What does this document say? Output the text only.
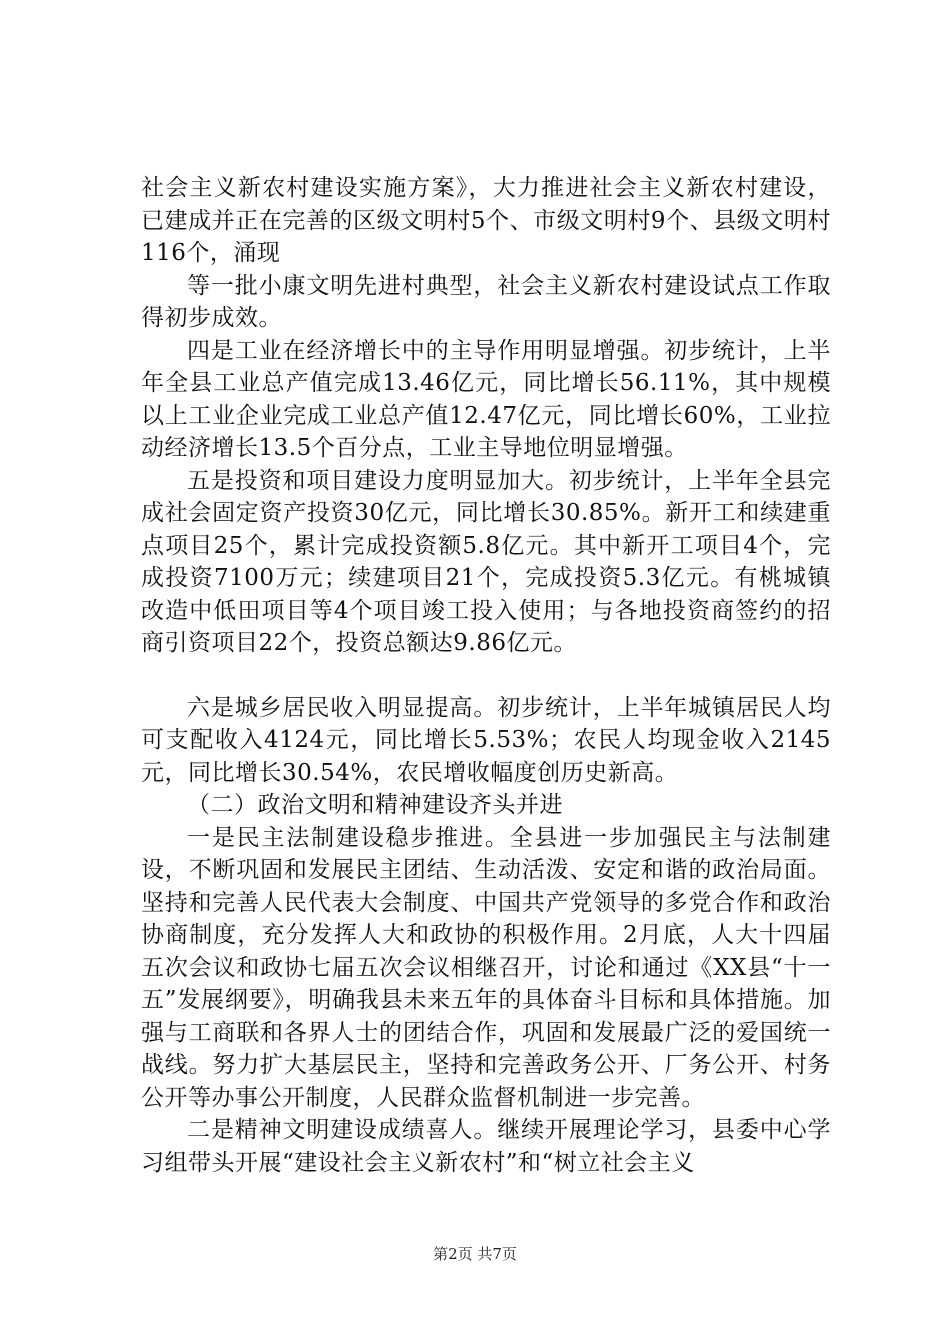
社会主义新农村建设实施方案》，大力推进社会主义新农村建设，已建成并正在完善的区级文明村5个、市级文明村9个、县级文明村116个，涌现

等一批小康文明先进村典型，社会主义新农村建设试点工作取得初步成效。

四是工业在经济增长中的主导作用明显增强。初步统计，上半年全县工业总产值完成13.46亿元，同比增长56.11%，其中规模以上工业企业完成工业总产值12.47亿元，同比增长60%，工业拉动经济增长13.5个百分点，工业主导地位明显增强。

五是投资和项目建设力度明显加大。初步统计，上半年全县完成社会固定资产投资30亿元，同比增长30.85%。新开工和续建重点项目25个，累计完成投资额5.8亿元。其中新开工项目4个，完成投资7100万元；续建项目21个，完成投资5.3亿元。有桃城镇改造中低田项目等4个项目竣工投入使用；与各地投资商签约的招商引资项目22个，投资总额达9.86亿元。

六是城乡居民收入明显提高。初步统计，上半年城镇居民人均可支配收入4124元，同比增长5.53%；农民人均现金收入2145元，同比增长30.54%，农民增收幅度创历史新高。

（二）政治文明和精神建设齐头并进

一是民主法制建设稳步推进。全县进一步加强民主与法制建设，不断巩固和发展民主团结、生动活泼、安定和谐的政治局面。坚持和完善人民代表大会制度、中国共产党领导的多党合作和政治协商制度，充分发挥人大和政协的积极作用。2月底，人大十四届五次会议和政协七届五次会议相继召开，讨论和通过《XX县“十一五”发展纲要》，明确我县未来五年的具体奋斗目标和具体措施。加强与工商联和各界人士的团结合作，巩固和发展最广泛的爱国统一战线。努力扩大基层民主，坚持和完善政务公开、厂务公开、村务公开等办事公开制度，人民群众监督机制进一步完善。

二是精神文明建设成绩喜人。继续开展理论学习，县委中心学习组带头开展“建设社会主义新农村”和“树立社会主义

第2页 共7页
